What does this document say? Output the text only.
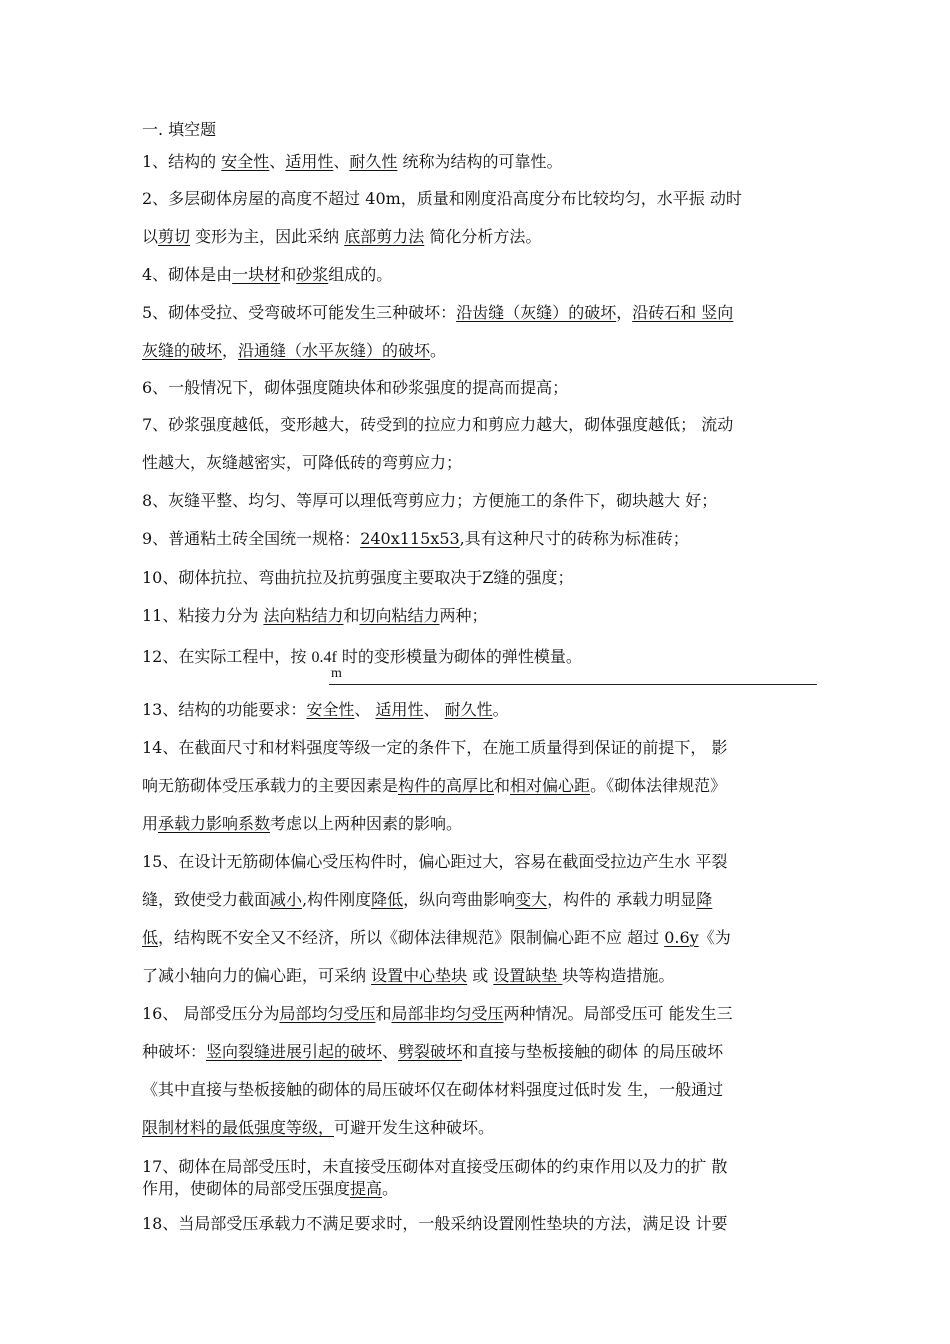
一. 填空题
1、结构的 安全性、适用性、耐久性 统称为结构的可靠性。
2、多层砌体房屋的高度不超过 40m，质量和刚度沿高度分布比较均匀，水平振 动时
以剪切 变形为主，因此采纳 底部剪力法 简化分析方法。
4、砌体是由一块材和砂浆组成的。
5、砌体受拉、受弯破坏可能发生三种破坏：沿齿缝（灰缝）的破坏，沿砖石和 竖向
灰缝的破坏，沿通缝（水平灰缝）的破坏。
6、一般情况下，砌体强度随块体和砂浆强度的提高而提高；
7、砂浆强度越低，变形越大，砖受到的拉应力和剪应力越大，砌体强度越低； 流动
性越大，灰缝越密实，可降低砖的弯剪应力；
8、灰缝平整、均匀、等厚可以理低弯剪应力；方便施工的条件下，砌块越大 好；
9、普通粘土砖全国统一规格：240x115x53,具有这种尺寸的砖称为标准砖；
10、砌体抗拉、弯曲抗拉及抗剪强度主要取决于Z缝的强度；
11、粘接力分为 法向粘结力和切向粘结力两种；
12、在实际工程中，按 0.4f 时的变形模量为砌体的弹性模量。
m
13、结构的功能要求：安全性、 适用性、 耐久性。
14、在截面尺寸和材料强度等级一定的条件下，在施工质量得到保证的前提下， 影
响无筋砌体受压承载力的主要因素是构件的高厚比和相对偏心距。《砌体法律规范》
用承载力影响系数考虑以上两种因素的影响。
15、在设计无筋砌体偏心受压构件时，偏心距过大，容易在截面受拉边产生水 平裂
缝，致使受力截面减小,构件刚度降低，纵向弯曲影响变大，构件的 承载力明显降
低，结构既不安全又不经济，所以《砌体法律规范》限制偏心距不应 超过 0.6y《为
了减小轴向力的偏心距，可采纳 设置中心垫块 或 设置缺垫 块等构造措施。
16、 局部受压分为局部均匀受压和局部非均匀受压两种情况。局部受压可 能发生三
种破坏：竖向裂缝进展引起的破坏、劈裂破坏和直接与垫板接触的砌体 的局压破坏
《其中直接与垫板接触的砌体的局压破坏仅在砌体材料强度过低时发 生，一般通过
限制材料的最低强度等级，可避开发生这种破坏。
17、砌体在局部受压时，未直接受压砌体对直接受压砌体的约束作用以及力的扩 散
作用，使砌体的局部受压强度提高。
18、当局部受压承载力不满足要求时，一般采纳设置刚性垫块的方法，满足设 计要
